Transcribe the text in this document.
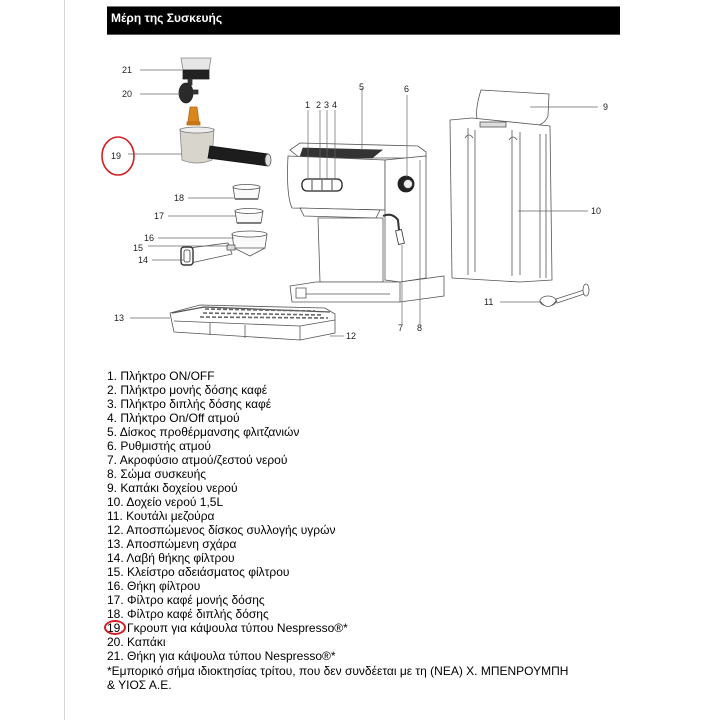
Μέρη της Συσκευής
21
20
19
18
17
16
15
14
13
12
1 2 3 4
5	6
7 8
9
10
11
1. Πλήκτρο ON/OFF
2. Πλήκτρο μονής δόσης καφέ
3. Πλήκτρο διπλής δόσης καφέ
4. Πλήκτρο On/Off ατμού
5. Δίσκος προθέρμανσης φλιτζανιών
6. Ρυθμιστής ατμού
7. Ακροφύσιο ατμού/ζεστού νερού
8. Σώμα συσκευής
9. Καπάκι δοχείου νερού
10. Δοχείο νερού 1,5L
11. Κουτάλι μεζούρα
12. Αποσπώμενος δίσκος συλλογής υγρών
13. Αποσπώμενη σχάρα
14. Λαβή θήκης φίλτρου
15. Κλείστρο αδειάσματος φίλτρου
16. Θήκη φίλτρου
17. Φίλτρο καφέ μονής δόσης
18. Φίλτρο καφέ διπλής δόσης
19. Γκρουπ για κάψουλα τύπου Nespresso®*
20. Καπάκι
21. Θήκη για κάψουλα τύπου Nespresso®*
*Εμπορικό σήμα ιδιοκτησίας τρίτου, που δεν συνδέεται με τη (ΝΕΑ) Χ. ΜΠΕΝΡΟΥΜΠΗ & ΥΙΟΣ Α.Ε.
